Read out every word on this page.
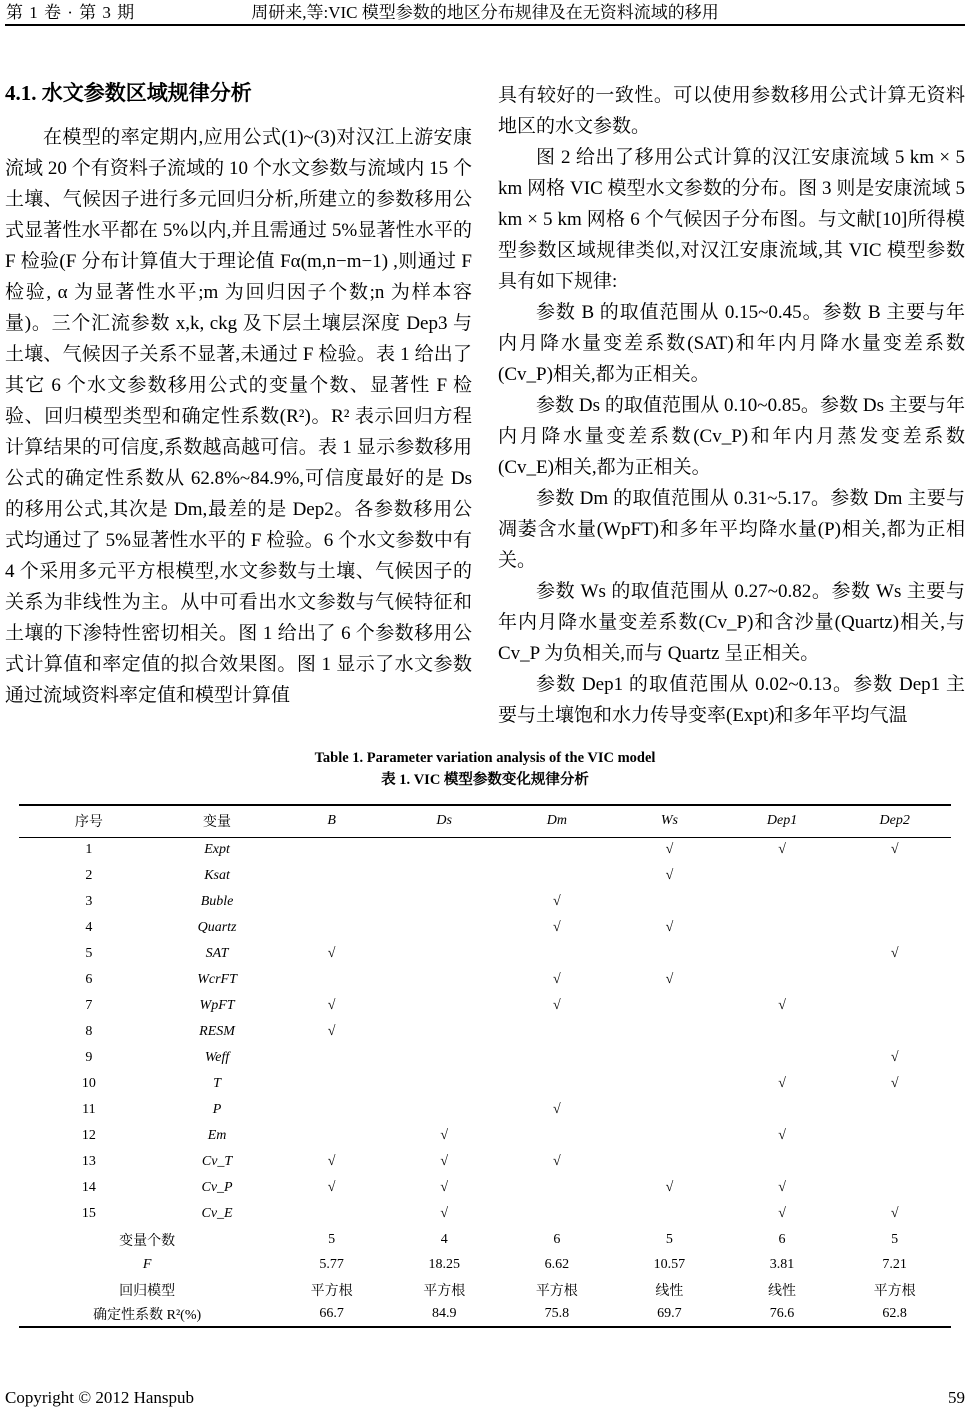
第 1 卷 · 第 3 期	周研来,等:VIC 模型参数的地区分布规律及在无资料流域的移用
4.1. 水文参数区域规律分析

在模型的率定期内,应用公式(1)~(3)对汉江上游安康流域 20 个有资料子流域的 10 个水文参数与流域内 15 个土壤、气候因子进行多元回归分析,所建立的参数移用公式显著性水平都在 5%以内,并且需通过 5%显著性水平的 F 检验(F 分布计算值大于理论值 Fα(m,n−m−1) ,则通过 F 检验, α 为显著性水平;m 为回归因子个数;n 为样本容量)。三个汇流参数 x,k, ckg 及下层土壤层深度 Dep3 与土壤、气候因子关系不显著,未通过 F 检验。表 1 给出了其它 6 个水文参数移用公式的变量个数、显著性 F 检验、回归模型类型和确定性系数(R²)。R² 表示回归方程计算结果的可信度,系数越高越可信。表 1 显示参数移用公式的确定性系数从 62.8%~84.9%,可信度最好的是 Ds 的移用公式,其次是 Dm,最差的是 Dep2。各参数移用公式均通过了 5%显著性水平的 F 检验。6 个水文参数中有 4 个采用多元平方根模型,水文参数与土壤、气候因子的关系为非线性为主。从中可看出水文参数与气候特征和土壤的下渗特性密切相关。图 1 给出了 6 个参数移用公式计算值和率定值的拟合效果图。图 1 显示了水文参数通过流域资料率定值和模型计算值

具有较好的一致性。可以使用参数移用公式计算无资料地区的水文参数。

图 2 给出了移用公式计算的汉江安康流域 5 km × 5 km 网格 VIC 模型水文参数的分布。图 3 则是安康流域 5 km × 5 km 网格 6 个气候因子分布图。与文献[10]所得模型参数区域规律类似,对汉江安康流域,其 VIC 模型参数具有如下规律:

参数 B 的取值范围从 0.15~0.45。参数 B 主要与年内月降水量变差系数(SAT)和年内月降水量变差系数(Cv_P)相关,都为正相关。

参数 Ds 的取值范围从 0.10~0.85。参数 Ds 主要与年内月降水量变差系数(Cv_P)和年内月蒸发变差系数(Cv_E)相关,都为正相关。

参数 Dm 的取值范围从 0.31~5.17。参数 Dm 主要与凋萎含水量(WpFT)和多年平均降水量(P)相关,都为正相关。

参数 Ws 的取值范围从 0.27~0.82。参数 Ws 主要与年内月降水量变差系数(Cv_P)和含沙量(Quartz)相关,与 Cv_P 为负相关,而与 Quartz 呈正相关。

参数 Dep1 的取值范围从 0.02~0.13。参数 Dep1 主要与土壤饱和水力传导变率(Expt)和多年平均气温

Table 1. Parameter variation analysis of the VIC model
表 1. VIC 模型参数变化规律分析
序号	变量	B	Ds	Dm	Ws	Dep1	Dep2
1	Expt				√	√	√
2	Ksat				√		
3	Buble			√			
4	Quartz			√	√		
5	SAT	√					√
6	WcrFT			√	√		
7	WpFT	√		√		√	
8	RESM	√					
9	Weff						√
10	T					√	√
11	P			√			
12	Em		√			√	
13	Cv_T	√	√	√			
14	Cv_P	√	√		√	√	
15	Cv_E		√			√	√
变量个数		5	4	6	5	6	5
F		5.77	18.25	6.62	10.57	3.81	7.21
回归模型		平方根	平方根	平方根	线性	线性	平方根
确定性系数 R²(%)		66.7	84.9	75.8	69.7	76.6	62.8
Copyright © 2012 Hanspub	59
